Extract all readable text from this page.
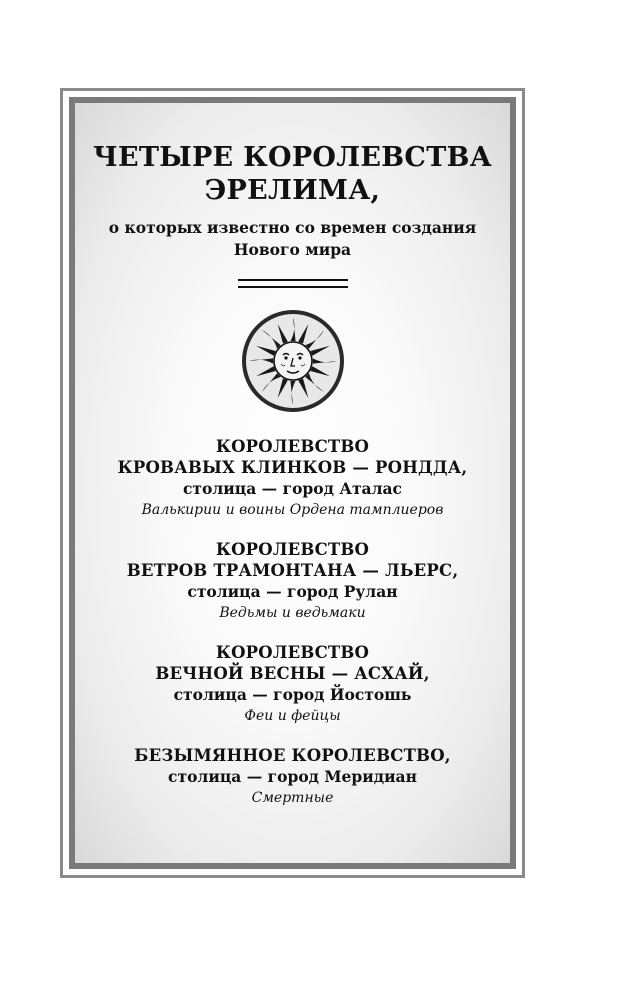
ЧЕТЫРЕ КОРОЛЕВСТВА
ЭРЕЛИМА,
о которых известно со времен создания
Нового мира
КОРОЛЕВСТВО
КРОВАВЫХ КЛИНКОВ — РОНДДА,
столица — город Аталас
Валькирии и воины Ордена тамплиеров
КОРОЛЕВСТВО
ВЕТРОВ ТРАМОНТАНА — ЛЬЕРС,
столица — город Рулан
Ведьмы и ведьмаки
КОРОЛЕВСТВО
ВЕЧНОЙ ВЕСНЫ — АСХАЙ,
столица — город Йостошь
Феи и фейцы
БЕЗЫМЯННОЕ КОРОЛЕВСТВО,
столица — город Меридиан
Смертные
